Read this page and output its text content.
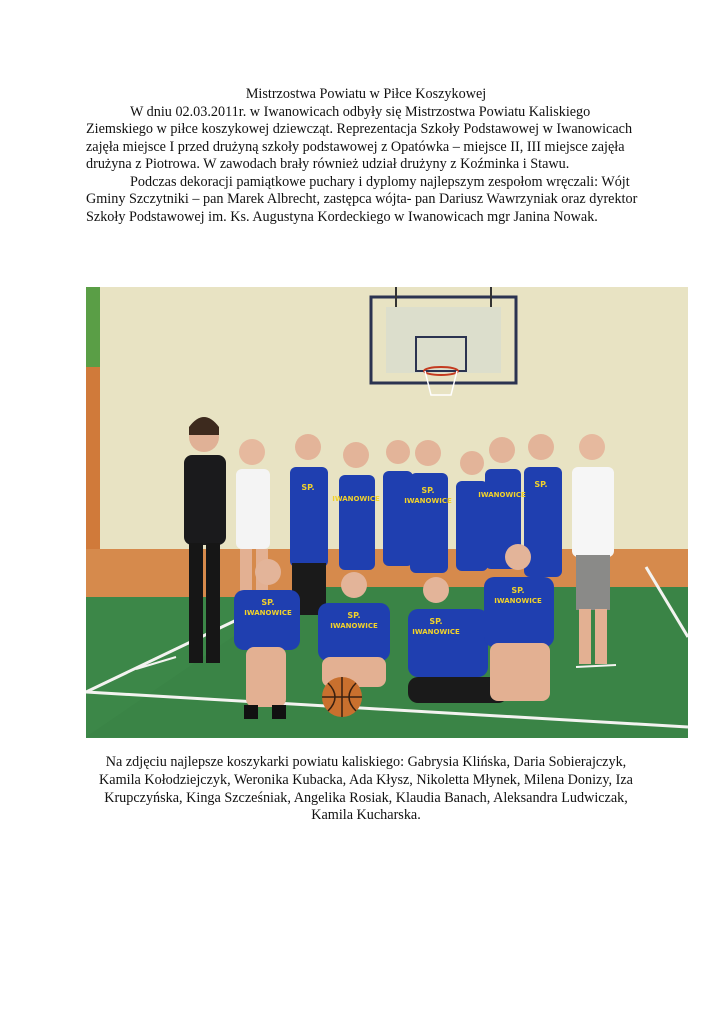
Mistrzostwa Powiatu w Piłce Koszykowej

W dniu 02.03.2011r. w Iwanowicach odbyły się Mistrzostwa Powiatu Kaliskiego Ziemskiego w piłce koszykowej dziewcząt. Reprezentacja Szkoły Podstawowej w Iwanowicach zajęła miejsce I przed drużyną szkoły podstawowej z Opatówka – miejsce II, III miejsce zajęła drużyna z Piotrowa. W zawodach brały również udział drużyny z Koźminka i Stawu.

Podczas dekoracji pamiątkowe puchary i dyplomy najlepszym zespołom wręczali: Wójt Gminy Szczytniki – pan Marek Albrecht, zastępca wójta- pan Dariusz Wawrzyniak oraz dyrektor Szkoły Podstawowej im. Ks. Augustyna Kordeckiego w Iwanowicach mgr Janina Nowak.

SP.	SP.
SP.
IWANOWICE	IWANOWICE
IWANOWICE
SP.
IWANOWICE	SP.
IWANOWICE	SP.
IWANOWICE
SP.
IWANOWICE

Na zdjęciu najlepsze koszykarki powiatu kaliskiego: Gabrysia Klińska, Daria Sobierajczyk, Kamila Kołodziejczyk, Weronika Kubacka, Ada Kłysz, Nikoletta Młynek, Milena Donizy, Iza Krupczyńska, Kinga Szcześniak, Angelika Rosiak, Klaudia Banach, Aleksandra Ludwiczak, Kamila Kucharska.
